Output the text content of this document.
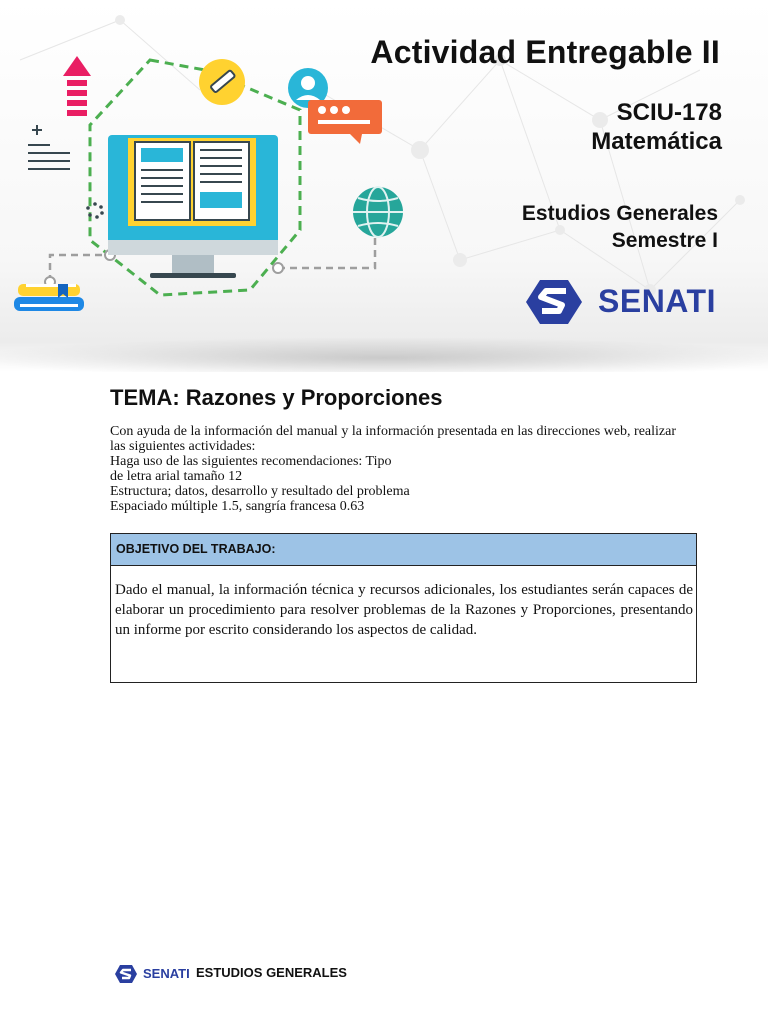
Actividad Entregable II
SCIU-178
Matemática
Estudios Generales
Semestre I
SENATI
TEMA: Razones y Proporciones
Con ayuda de la información del manual y la información presentada en las direcciones web, realizar
las siguientes actividades:
Haga uso de las siguientes recomendaciones: Tipo
de letra arial tamaño 12
Estructura; datos, desarrollo y resultado del problema
Espaciado múltiple 1.5, sangría francesa 0.63
OBJETIVO DEL TRABAJO:
Dado el manual, la información técnica y recursos adicionales, los estudiantes serán capaces de elaborar un procedimiento para resolver problemas de la Razones y Proporciones, presentando un informe por escrito considerando los aspectos de calidad.
SENATI ESTUDIOS GENERALES
